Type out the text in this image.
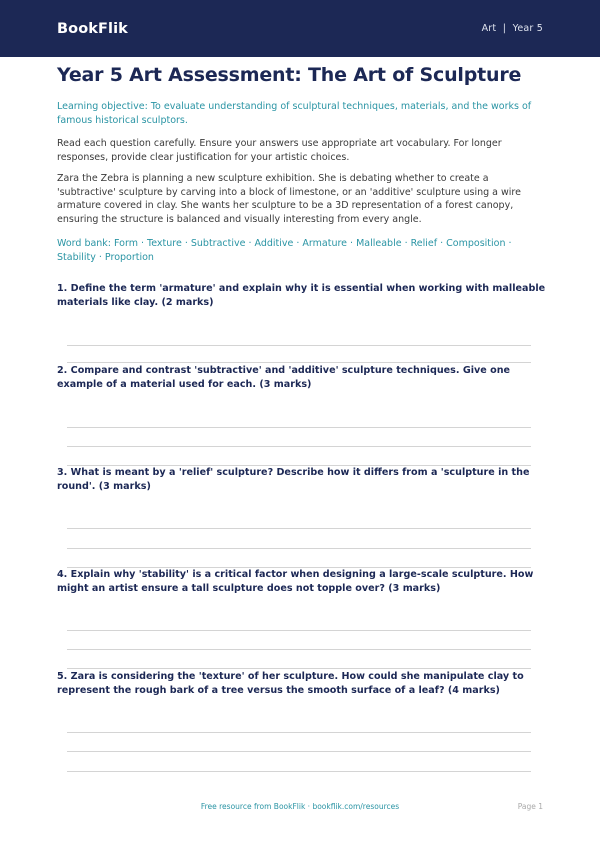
BookFlik	Art  |  Year 5
Year 5 Art Assessment: The Art of Sculpture

Learning objective: To evaluate understanding of sculptural techniques, materials, and the works of famous historical sculptors.

Read each question carefully. Ensure your answers use appropriate art vocabulary. For longer responses, provide clear justification for your artistic choices.

Zara the Zebra is planning a new sculpture exhibition. She is debating whether to create a 'subtractive' sculpture by carving into a block of limestone, or an 'additive' sculpture using a wire armature covered in clay. She wants her sculpture to be a 3D representation of a forest canopy, ensuring the structure is balanced and visually interesting from every angle.

Word bank: Form · Texture · Subtractive · Additive · Armature · Malleable · Relief · Composition · Stability · Proportion

1. Define the term 'armature' and explain why it is essential when working with malleable materials like clay. (2 marks)

2. Compare and contrast 'subtractive' and 'additive' sculpture techniques. Give one example of a material used for each. (3 marks)

3. What is meant by a 'relief' sculpture? Describe how it differs from a 'sculpture in the round'. (3 marks)

4. Explain why 'stability' is a critical factor when designing a large-scale sculpture. How might an artist ensure a tall sculpture does not topple over? (3 marks)

5. Zara is considering the 'texture' of her sculpture. How could she manipulate clay to represent the rough bark of a tree versus the smooth surface of a leaf? (4 marks)

Free resource from BookFlik · bookflik.com/resources	Page 1
